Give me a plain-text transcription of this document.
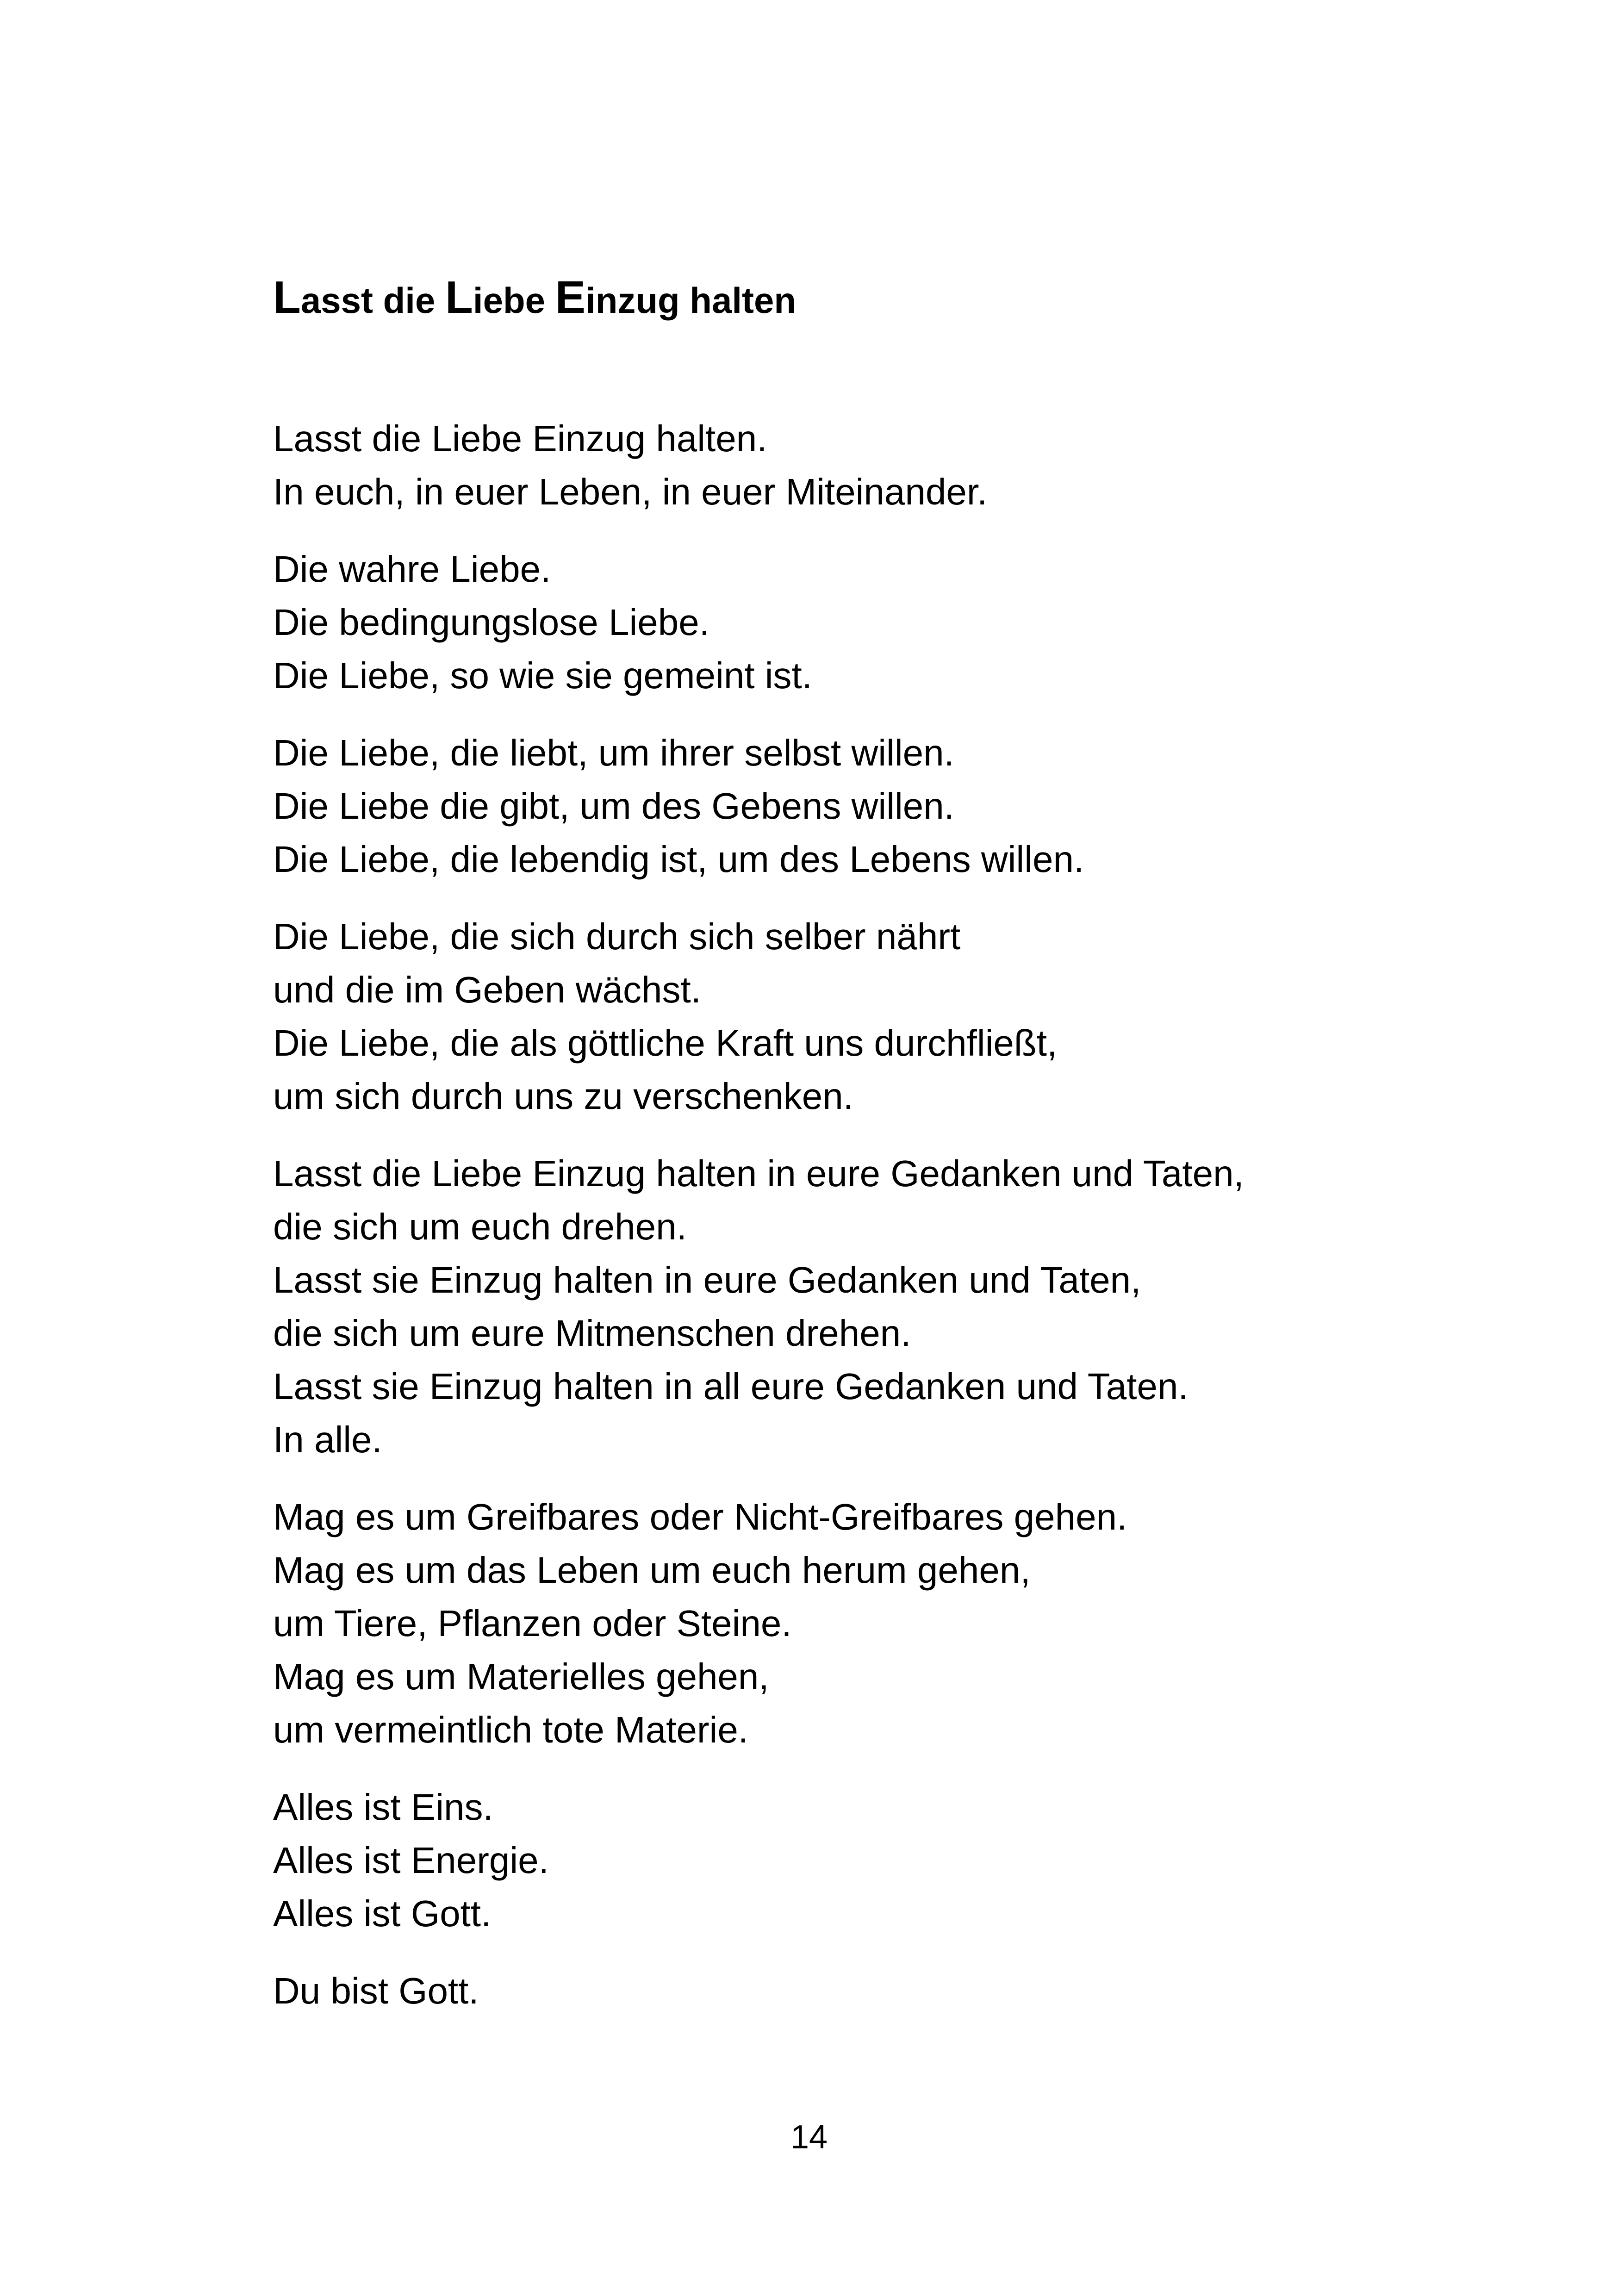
Lasst die Liebe Einzug halten

Lasst die Liebe Einzug halten.
In euch, in euer Leben, in euer Miteinander.

Die wahre Liebe.
Die bedingungslose Liebe.
Die Liebe, so wie sie gemeint ist.

Die Liebe, die liebt, um ihrer selbst willen.
Die Liebe die gibt, um des Gebens willen.
Die Liebe, die lebendig ist, um des Lebens willen.

Die Liebe, die sich durch sich selber nährt
und die im Geben wächst.
Die Liebe, die als göttliche Kraft uns durchfließt,
um sich durch uns zu verschenken.

Lasst die Liebe Einzug halten in eure Gedanken und Taten,
die sich um euch drehen.
Lasst sie Einzug halten in eure Gedanken und Taten,
die sich um eure Mitmenschen drehen.
Lasst sie Einzug halten in all eure Gedanken und Taten.
In alle.

Mag es um Greifbares oder Nicht-Greifbares gehen.
Mag es um das Leben um euch herum gehen,
um Tiere, Pflanzen oder Steine.
Mag es um Materielles gehen,
um vermeintlich tote Materie.

Alles ist Eins.
Alles ist Energie.
Alles ist Gott.

Du bist Gott.

14
